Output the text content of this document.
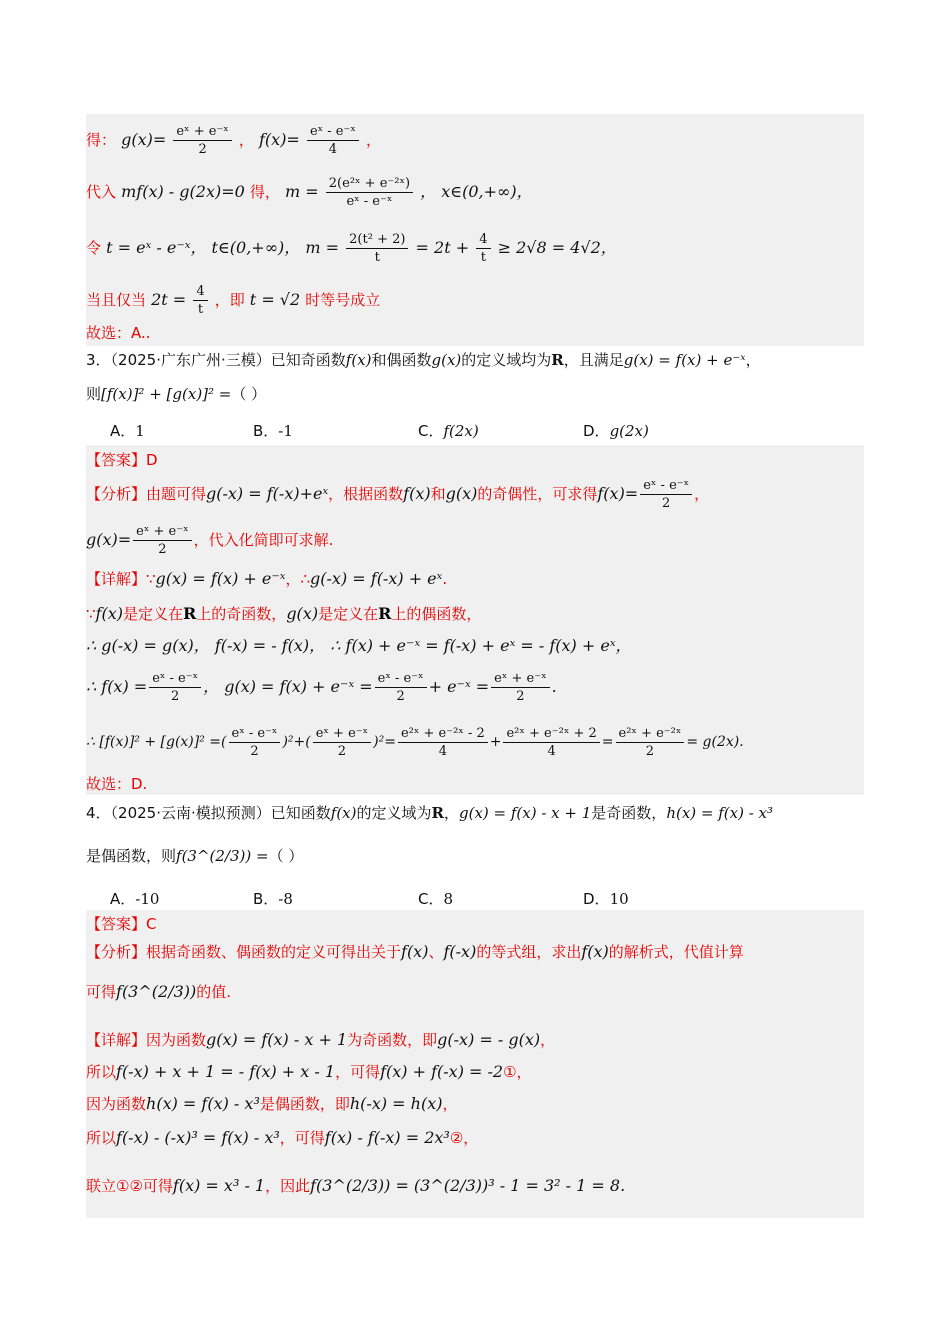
得： $g(x)= \frac{\text{eˣ + e⁻ˣ}}{2}$ ， $f(x)= \frac{\text{eˣ - e⁻ˣ}}{4}$ ，
代入 mf(x) - g(2x)=0 得， $m = \frac{\text{2(e²ˣ + e⁻²ˣ)}}{\text{eˣ - e⁻ˣ}}$ ， x∈(0,+∞)，
令 t = eˣ - e⁻ˣ， t∈(0,+∞)， $m = \frac{\text{2(t² + 2)}}{t} = 2t + \frac{4}{t} \ge 2√8 = 4√2$，
当且仅当 $2t = \frac{4}{t}$ ，即 t = √2 时等号成立
故选：A..
3．（2025·广东广州·三模）已知奇函数f(x)和偶函数g(x)的定义域均为R，且满足g(x) = f(x) + e⁻ˣ，
则[f(x)]² + [g(x)]² =（ ）
A．1	B．-1	C．f(2x)	D．g(2x)
【答案】D
【分析】由题可得g(-x) = f(-x)+eˣ，根据函数f(x)和g(x)的奇偶性，可求得$f(x)= \frac{\text{eˣ - e⁻ˣ}}{2}$ ，
$g(x)= \frac{\text{eˣ + e⁻ˣ}}{2}$ ，代入化简即可求解.
【详解】∵g(x) = f(x) + e⁻ˣ，∴g(-x) = f(-x) + eˣ.
∵f(x)是定义在R上的奇函数，g(x)是定义在R上的偶函数，
∴ g(-x) = g(x)， f(-x) = - f(x)， ∴ f(x) + e⁻ˣ = f(-x) + eˣ = - f(x) + eˣ，
∴ $f(x) = \frac{\text{eˣ - e⁻ˣ}}{2}$ ， g(x) = f(x) + e⁻ˣ = $\frac{\text{eˣ - e⁻ˣ}}{2}$ + e⁻ˣ = $\frac{\text{eˣ + e⁻ˣ}}{2}$ .
∴ [f(x)]² + [g(x)]² =( $\frac{\text{eˣ - e⁻ˣ}}{2} )^2+( \frac{\text{eˣ + e⁻ˣ}}{2} )^2= \frac{\text{e²ˣ + e⁻²ˣ - 2}}{4} + \frac{\text{e²ˣ + e⁻²ˣ + 2}}{4} = \frac{\text{e²ˣ + e⁻²ˣ}}{2} = g(2x)$.
故选：D.
4．（2025·云南·模拟预测）已知函数f(x)的定义域为R，g(x) = f(x) - x + 1是奇函数，h(x) = f(x) - x³
是偶函数，则f(3^(2/3)) =（ ）
A．-10	B．-8	C．8	D．10
【答案】C
【分析】根据奇函数、偶函数的定义可得出关于f(x)、f(-x)的等式组，求出f(x)的解析式，代值计算
可得f(3^(2/3))的值.
【详解】因为函数g(x) = f(x) - x + 1为奇函数，即g(-x) = - g(x)，
所以f(-x) + x + 1 = - f(x) + x - 1，可得f(x) + f(-x) = -2①，
因为函数h(x) = f(x) - x³是偶函数，即h(-x) = h(x)，
所以f(-x) - (-x)³ = f(x) - x³，可得f(x) - f(-x) = 2x³②，
联立①②可得f(x) = x³ - 1，因此f(3^(2/3)) = (3^(2/3))³ - 1 = 3² - 1 = 8.
